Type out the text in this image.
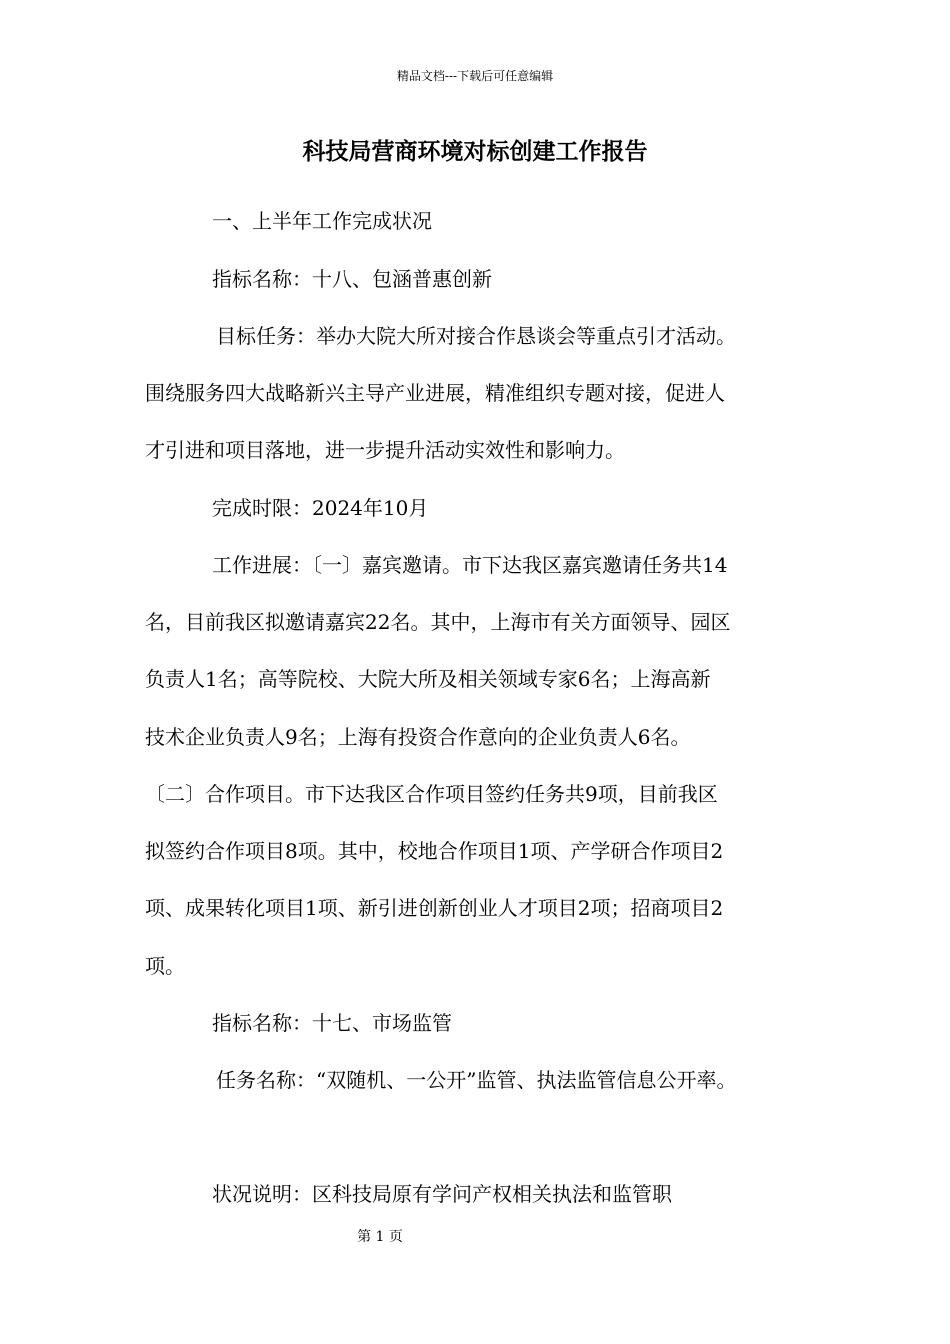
精品文档---下载后可任意编辑
科技局营商环境对标创建工作报告
一、上半年工作完成状况
指标名称：十八、包涵普惠创新
目标任务：举办大院大所对接合作恳谈会等重点引才活动。
围绕服务四大战略新兴主导产业进展，精准组织专题对接，促进人
才引进和项目落地，进一步提升活动实效性和影响力。
完成时限：2024年10月
工作进展：〔一〕嘉宾邀请。市下达我区嘉宾邀请任务共14
名，目前我区拟邀请嘉宾22名。其中，上海市有关方面领导、园区
负责人1名；高等院校、大院大所及相关领域专家6名；上海高新
技术企业负责人9名；上海有投资合作意向的企业负责人6名。
〔二〕合作项目。市下达我区合作项目签约任务共9项，目前我区
拟签约合作项目8项。其中，校地合作项目1项、产学研合作项目2
项、成果转化项目1项、新引进创新创业人才项目2项；招商项目2
项。
指标名称：十七、市场监管
任务名称：“双随机、一公开”监管、执法监管信息公开率。
状况说明：区科技局原有学问产权相关执法和监管职
第 1 页
